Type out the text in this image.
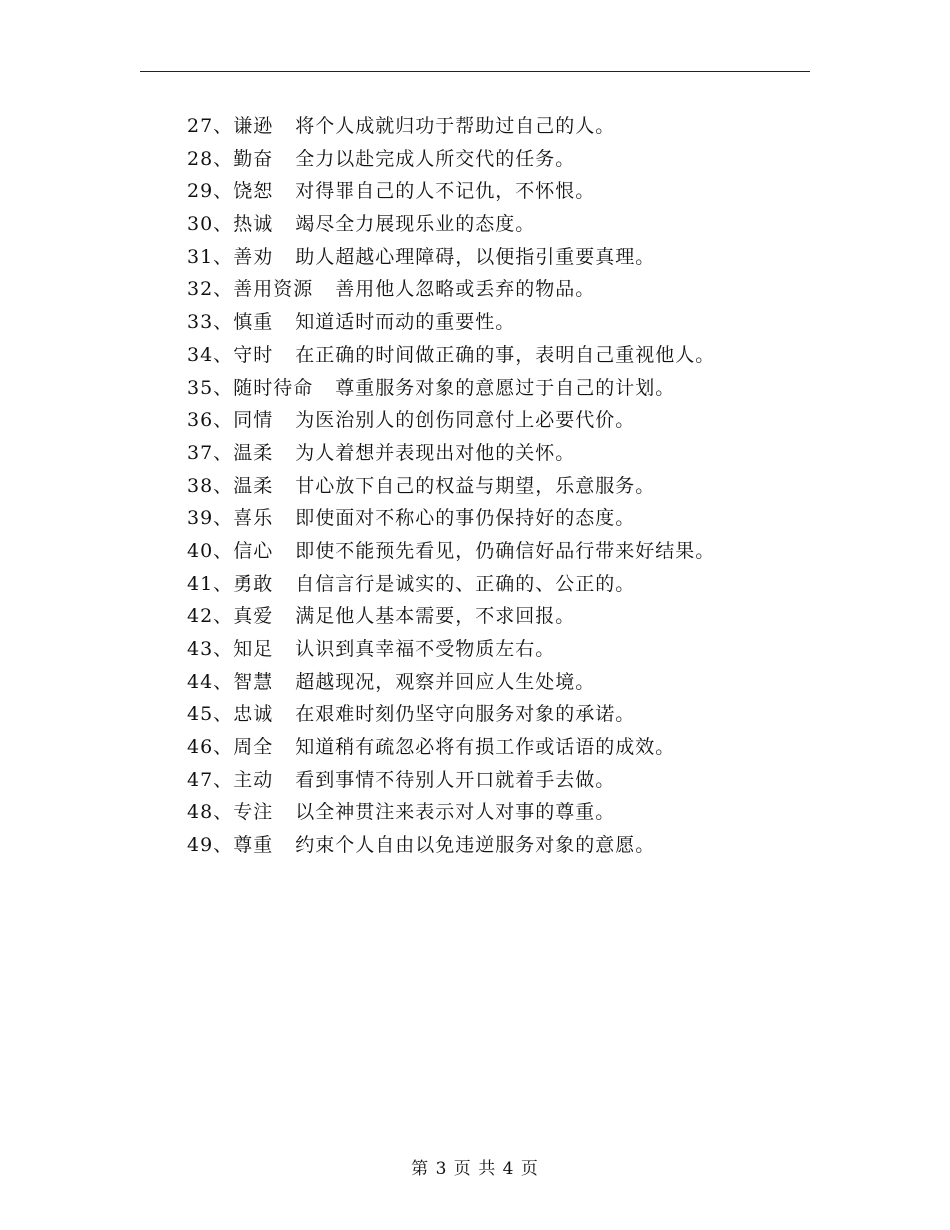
27、谦逊 将个人成就归功于帮助过自己的人。
28、勤奋 全力以赴完成人所交代的任务。
29、饶恕 对得罪自己的人不记仇，不怀恨。
30、热诚 竭尽全力展现乐业的态度。
31、善劝 助人超越心理障碍，以便指引重要真理。
32、善用资源 善用他人忽略或丢弃的物品。
33、慎重 知道适时而动的重要性。
34、守时 在正确的时间做正确的事，表明自己重视他人。
35、随时待命 尊重服务对象的意愿过于自己的计划。
36、同情 为医治别人的创伤同意付上必要代价。
37、温柔 为人着想并表现出对他的关怀。
38、温柔 甘心放下自己的权益与期望，乐意服务。
39、喜乐 即使面对不称心的事仍保持好的态度。
40、信心 即使不能预先看见，仍确信好品行带来好结果。
41、勇敢 自信言行是诚实的、正确的、公正的。
42、真爱 满足他人基本需要，不求回报。
43、知足 认识到真幸福不受物质左右。
44、智慧 超越现况，观察并回应人生处境。
45、忠诚 在艰难时刻仍坚守向服务对象的承诺。
46、周全 知道稍有疏忽必将有损工作或话语的成效。
47、主动 看到事情不待别人开口就着手去做。
48、专注 以全神贯注来表示对人对事的尊重。
49、尊重 约束个人自由以免违逆服务对象的意愿。
第 3 页 共 4 页
